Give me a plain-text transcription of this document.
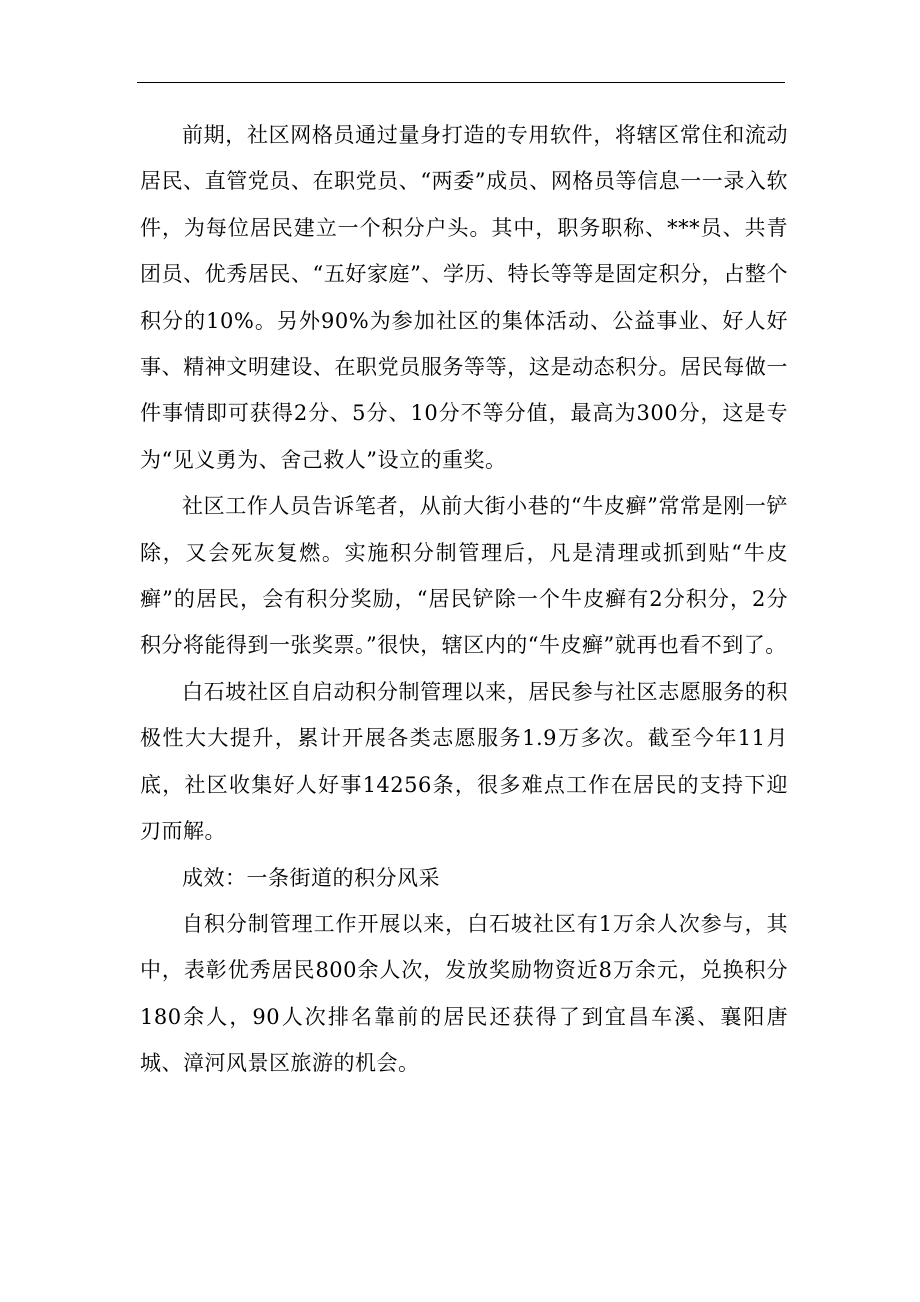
前期，社区网格员通过量身打造的专用软件，将辖区常住和流动居民、直管党员、在职党员、“两委”成员、网格员等信息一一录入软件，为每位居民建立一个积分户头。其中，职务职称、***员、共青团员、优秀居民、“五好家庭”、学历、特长等等是固定积分，占整个积分的10%。另外90%为参加社区的集体活动、公益事业、好人好事、精神文明建设、在职党员服务等等，这是动态积分。居民每做一件事情即可获得2分、5分、10分不等分值，最高为300分，这是专为“见义勇为、舍己救人”设立的重奖。

社区工作人员告诉笔者，从前大街小巷的“牛皮癣”常常是刚一铲除，又会死灰复燃。实施积分制管理后，凡是清理或抓到贴“牛皮癣”的居民，会有积分奖励，“居民铲除一个牛皮癣有2分积分，2分积分将能得到一张奖票。”很快，辖区内的“牛皮癣”就再也看不到了。

白石坡社区自启动积分制管理以来，居民参与社区志愿服务的积极性大大提升，累计开展各类志愿服务1.9万多次。截至今年11月底，社区收集好人好事14256条，很多难点工作在居民的支持下迎刃而解。

成效：一条街道的积分风采

自积分制管理工作开展以来，白石坡社区有1万余人次参与，其中，表彰优秀居民800余人次，发放奖励物资近8万余元，兑换积分180余人，90人次排名靠前的居民还获得了到宜昌车溪、襄阳唐城、漳河风景区旅游的机会。
